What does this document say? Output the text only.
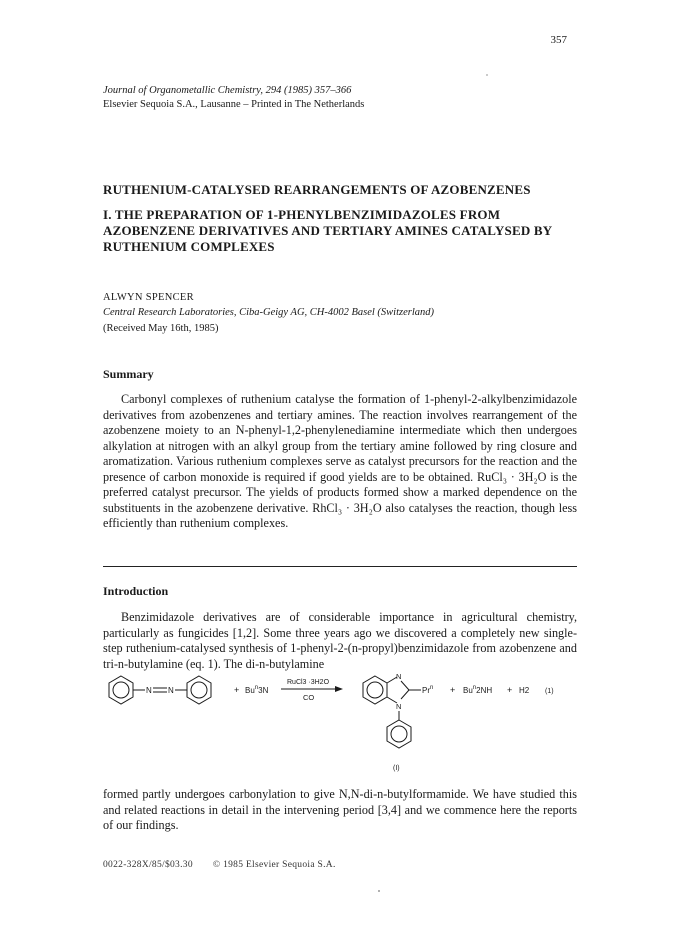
357
Journal of Organometallic Chemistry, 294 (1985) 357–366
Elsevier Sequoia S.A., Lausanne – Printed in The Netherlands
RUTHENIUM-CATALYSED REARRANGEMENTS OF AZOBENZENES
I. THE PREPARATION OF 1-PHENYLBENZIMIDAZOLES FROM AZOBENZENE DERIVATIVES AND TERTIARY AMINES CATALYSED BY RUTHENIUM COMPLEXES
ALWYN SPENCER
Central Research Laboratories, Ciba-Geigy AG, CH-4002 Basel (Switzerland)
(Received May 16th, 1985)
Summary
Carbonyl complexes of ruthenium catalyse the formation of 1-phenyl-2-alkylbenzimidazole derivatives from azobenzenes and tertiary amines. The reaction involves rearrangement of the azobenzene moiety to an N-phenyl-1,2-phenylenediamine intermediate which then undergoes alkylation at nitrogen with an alkyl group from the tertiary amine followed by ring closure and aromatization. Various ruthenium complexes serve as catalyst precursors for the reaction and the presence of carbon monoxide is required if good yields are to be obtained. RuCl₃ · 3H₂O is the preferred catalyst precursor. The yields of products formed show a marked dependence on the substituents in the azobenzene derivative. RhCl₃ · 3H₂O also catalyses the reaction, though less efficiently than ruthenium complexes.
Introduction
Benzimidazole derivatives are of considerable importance in agricultural chemistry, particularly as fungicides [1,2]. Some three years ago we discovered a completely new single-step ruthenium-catalysed synthesis of 1-phenyl-2-(n-propyl)benzimidazole from azobenzene and tri-n-butylamine (eq. 1). The di-n-butylamine
N N	+ $Bu^n3N$
RuCl3 ·3H2O
CO
N
N
Pr$^n$
(I)
+ $Bu^n2NH + H2$ (1)
formed partly undergoes carbonylation to give N,N-di-n-butylformamide. We have studied this and related reactions in detail in the intervening period [3,4] and we commence here the reports of our findings.
0022-328X/85/$03.30 © 1985 Elsevier Sequoia S.A.
